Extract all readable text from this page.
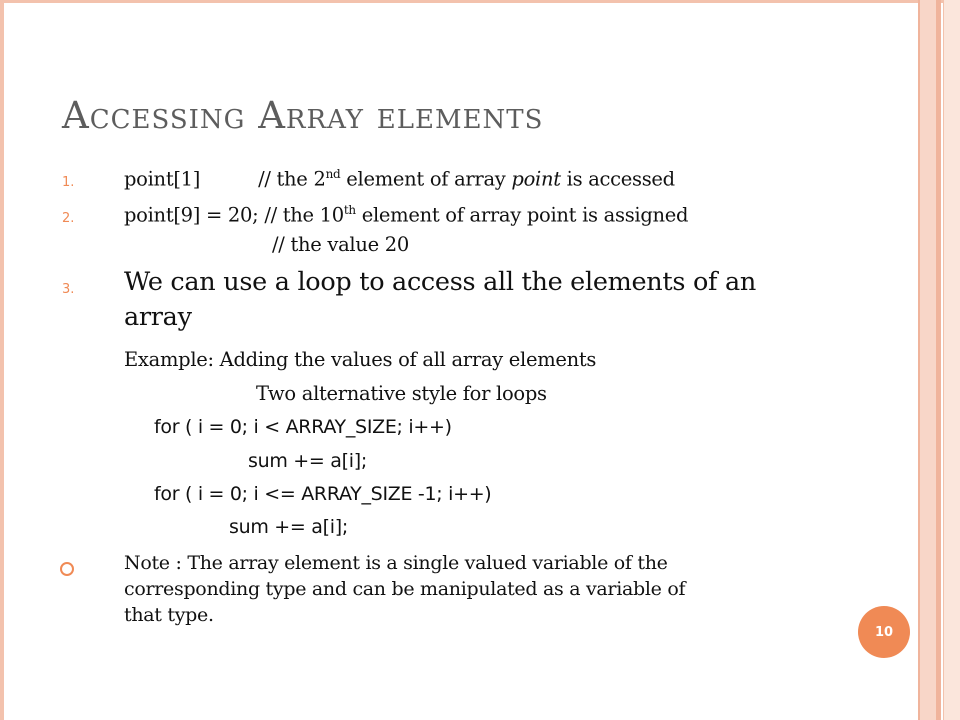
Accessing Array elements
1.	point[1]	// the 2nd element of array point is accessed

2.	point[9] = 20; // the 10th element of array point is assigned

// the value 20

3. We can use a loop to access all the elements of an

array

Example: Adding the values of all array elements

Two alternative style for loops

for ( i = 0; i < ARRAY_SIZE; i++)

sum += a[i];

for ( i = 0; i <= ARRAY_SIZE -1; i++)

sum += a[i];

Note : The array element is a single valued variable of the

corresponding type and can be manipulated as a variable of

that type.

10
